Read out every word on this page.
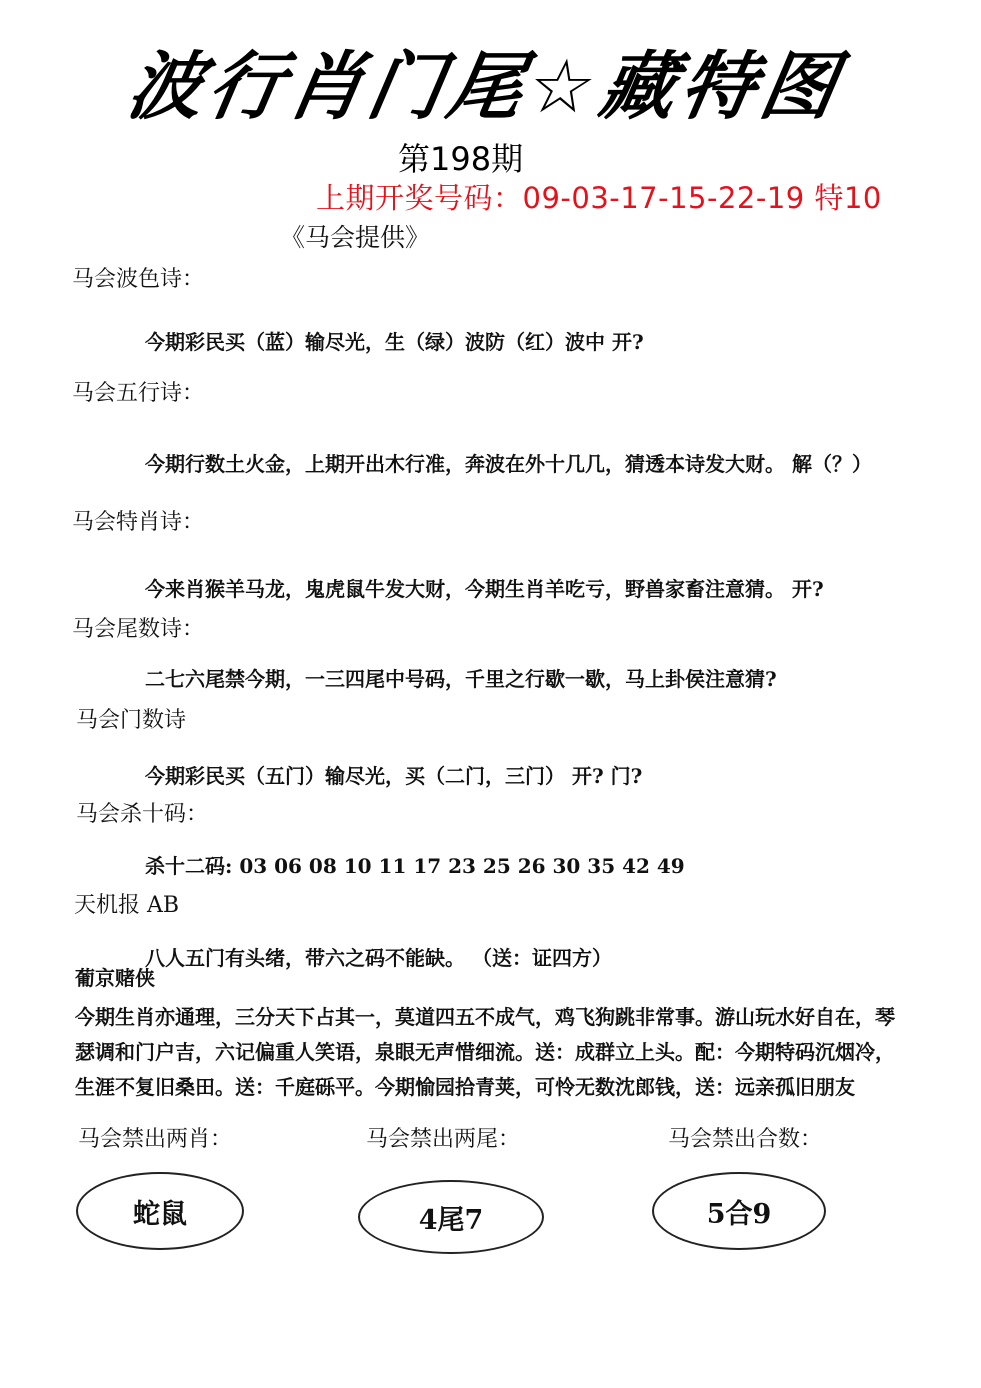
波行肖门尾☆藏特图
第198期
上期开奖号码：09-03-17-15-22-19 特10
《马会提供》
马会波色诗：
今期彩民买（蓝）输尽光，生（绿）波防（红）波中 开?
马会五行诗：
今期行数土火金，上期开出木行准，奔波在外十几几，猜透本诗发大财。 解（？）
马会特肖诗：
今来肖猴羊马龙，鬼虎鼠牛发大财，今期生肖羊吃亏，野兽家畜注意猜。 开?
马会尾数诗：
二七六尾禁今期，一三四尾中号码，千里之行歇一歇，马上卦侯注意猜?
马会门数诗
今期彩民买（五门）输尽光，买（二门，三门） 开? 门?
马会杀十码：
杀十二码: 03 06 08 10 11 17 23 25 26 30 35 42 49
天机报 AB
八人五门有头绪，带六之码不能缺。 （送：证四方）
葡京赌侠
今期生肖亦通理，三分天下占其一，莫道四五不成气，鸡飞狗跳非常事。游山玩水好自在，琴瑟调和门户吉，六记偏重人笑语，泉眼无声惜细流。送：成群立上头。配：今期特码沉烟冷，生涯不复旧桑田。送：千庭砾平。今期愉园拾青荚，可怜无数沈郎钱，送：远亲孤旧朋友
马会禁出两肖：	马会禁出两尾：	马会禁出合数：
蛇鼠	4尾7	5合9
